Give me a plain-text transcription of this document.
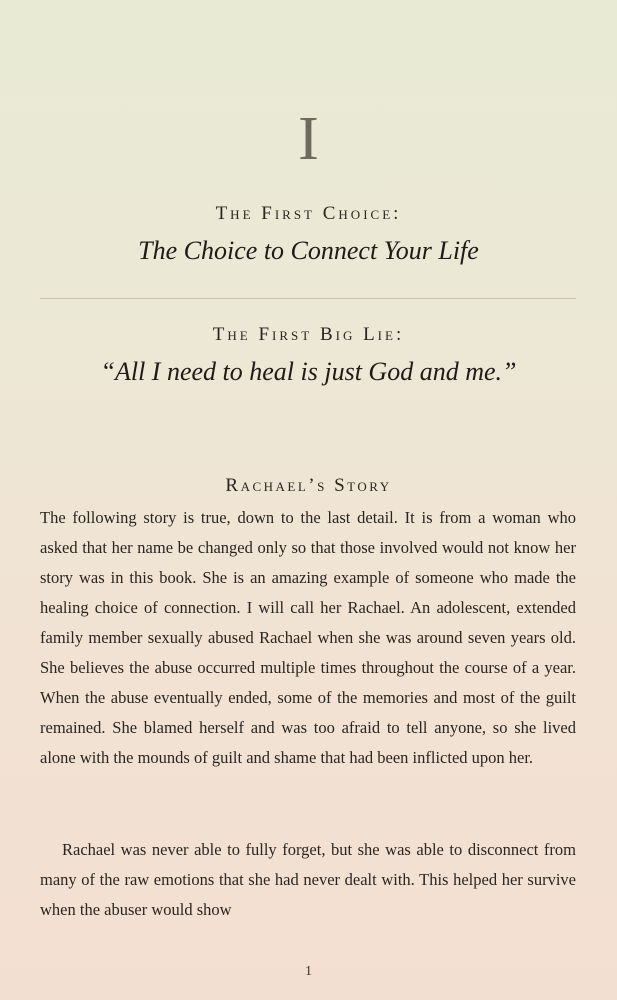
I
The First Choice:
The Choice to Connect Your Life
The First Big Lie:
“All I need to heal is just God and me.”
Rachael’s Story
The following story is true, down to the last detail. It is from a woman who asked that her name be changed only so that those involved would not know her story was in this book. She is an amazing example of someone who made the healing choice of connection. I will call her Rachael. An adolescent, extended family member sexually abused Rachael when she was around seven years old. She believes the abuse occurred multiple times throughout the course of a year. When the abuse eventually ended, some of the memories and most of the guilt remained. She blamed herself and was too afraid to tell anyone, so she lived alone with the mounds of guilt and shame that had been inflicted upon her.
Rachael was never able to fully forget, but she was able to disconnect from many of the raw emotions that she had never dealt with. This helped her survive when the abuser would show
1
